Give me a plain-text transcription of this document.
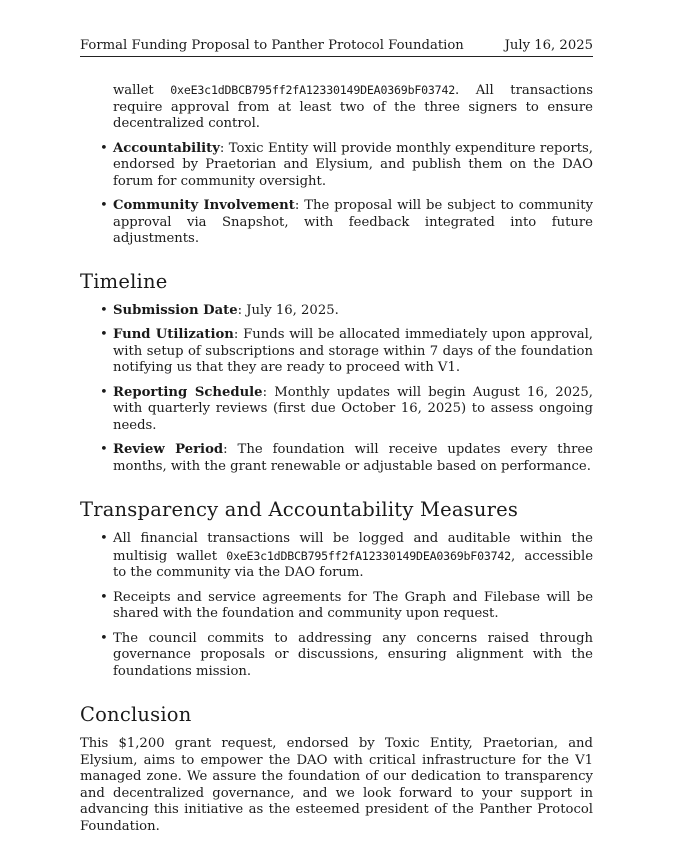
Formal Funding Proposal to Panther Protocol Foundation	July 16, 2025

wallet 0xeE3c1dDBCB795ff2fA12330149DEA0369bF03742. All transactions require approval from at least two of the three signers to ensure decentralized control.

• Accountability: Toxic Entity will provide monthly expenditure reports, endorsed by Praetorian and Elysium, and publish them on the DAO forum for community oversight.
• Community Involvement: The proposal will be subject to community approval via Snapshot, with feedback integrated into future adjustments.
Timeline
• Submission Date: July 16, 2025.
• Fund Utilization: Funds will be allocated immediately upon approval, with setup of subscriptions and storage within 7 days of the foundation notifying us that they are ready to proceed with V1.
• Reporting Schedule: Monthly updates will begin August 16, 2025, with quarterly reviews (first due October 16, 2025) to assess ongoing needs.
• Review Period: The foundation will receive updates every three months, with the grant renewable or adjustable based on performance.
Transparency and Accountability Measures
• All financial transactions will be logged and auditable within the multisig wallet 0xeE3c1dDBCB795ff2fA12330149DEA0369bF03742, accessible to the community via the DAO forum.
• Receipts and service agreements for The Graph and Filebase will be shared with the foundation and community upon request.
• The council commits to addressing any concerns raised through governance proposals or discussions, ensuring alignment with the foundations mission.
Conclusion

This $1,200 grant request, endorsed by Toxic Entity, Praetorian, and Elysium, aims to empower the DAO with critical infrastructure for the V1 managed zone. We assure the foundation of our dedication to transparency and decentralized governance, and we look forward to your support in advancing this initiative as the esteemed president of the Panther Protocol Foundation.
